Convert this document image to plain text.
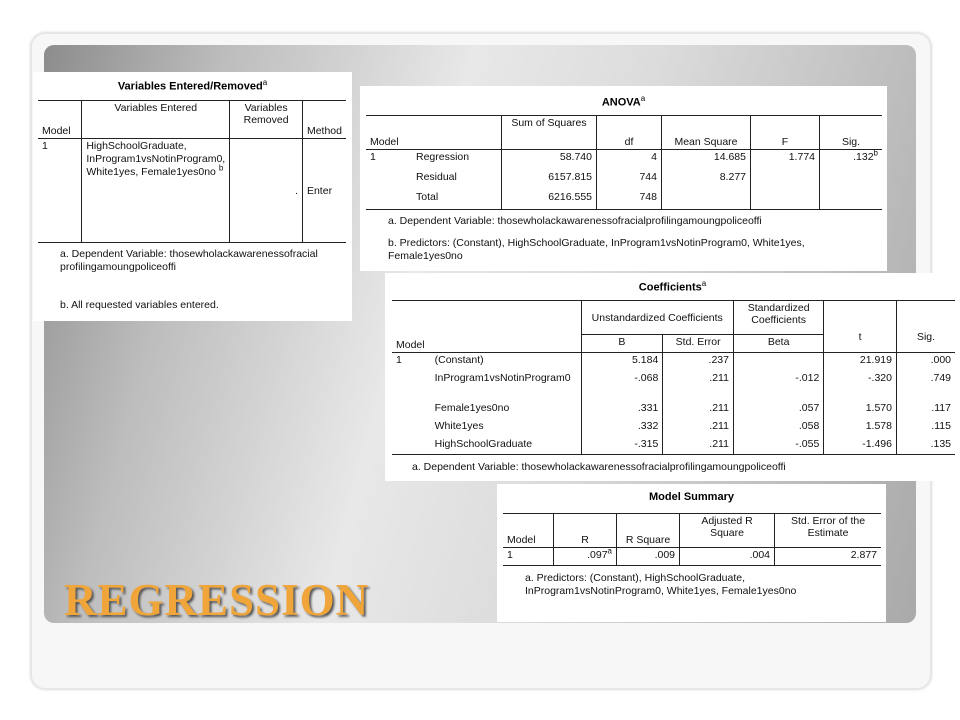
Variables Entered/Removed$^a$
Model	Variables Entered	Variables Removed	Method
1	HighSchoolGraduate, InProgram1vsNotinProgram0, White1yes, Female1yes0no $^b$	.	Enter
a. Dependent Variable: thosewholackawarenessofracialprofilingamoungpoliceoffi
b. All requested variables entered.
ANOVA$^a$
Model		Sum of Squares	df	Mean Square	F	Sig.
1	Regression	58.740	4	14.685	1.774	.132$^b$
	Residual	6157.815	744	8.277		
	Total	6216.555	748			
a. Dependent Variable: thosewholackawarenessofracialprofilingamoungpoliceoffi
b. Predictors: (Constant), HighSchoolGraduate, InProgram1vsNotinProgram0, White1yes, Female1yes0no
Coefficients$^a$
Model		Unstandardized Coefficients		Standardized Coefficients	t	Sig.
		B	Std. Error	Beta		
1	(Constant)	5.184	.237		21.919	.000
	InProgram1vsNotinProgram0	-.068	.211	-.012	-.320	.749
	Female1yes0no	.331	.211	.057	1.570	.117
	White1yes	.332	.211	.058	1.578	.115
	HighSchoolGraduate	-.315	.211	-.055	-1.496	.135
a. Dependent Variable: thosewholackawarenessofracialprofilingamoungpoliceoffi
Model Summary
Model	R	R Square	Adjusted R Square	Std. Error of the Estimate
1	.097$^a$	.009	.004	2.877
a. Predictors: (Constant), HighSchoolGraduate, InProgram1vsNotinProgram0, White1yes, Female1yes0no
REGRESSION
